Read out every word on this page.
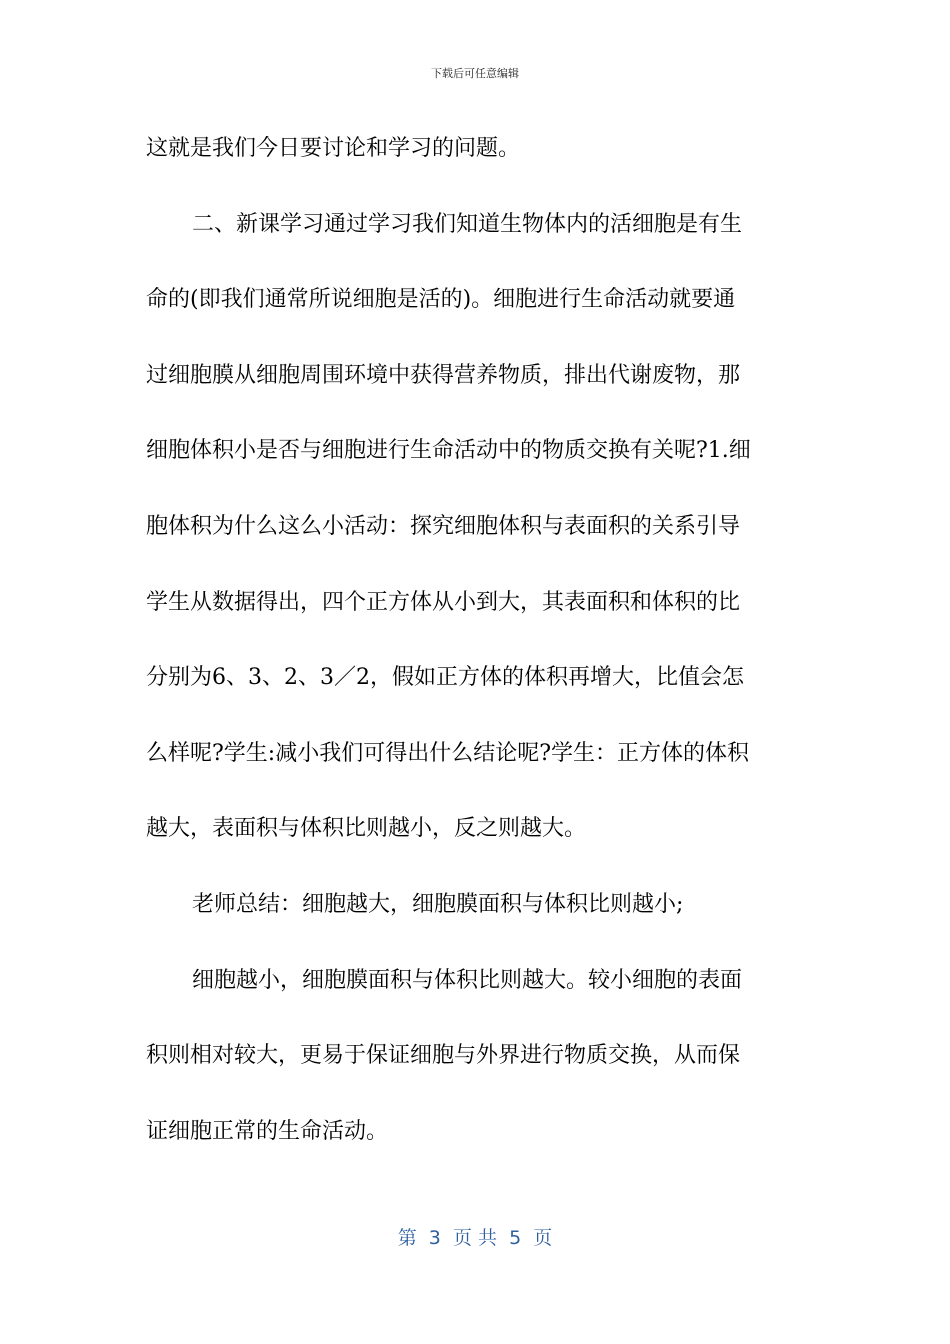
下载后可任意编辑
这就是我们今日要讨论和学习的问题。
二、新课学习通过学习我们知道生物体内的活细胞是有生
命的(即我们通常所说细胞是活的)。细胞进行生命活动就要通
过细胞膜从细胞周围环境中获得营养物质，排出代谢废物，那
细胞体积小是否与细胞进行生命活动中的物质交换有关呢?1.细
胞体积为什么这么小活动：探究细胞体积与表面积的关系引导
学生从数据得出，四个正方体从小到大，其表面积和体积的比
分别为6、3、2、3／2，假如正方体的体积再增大，比值会怎
么样呢?学生:减小我们可得出什么结论呢?学生：正方体的体积
越大，表面积与体积比则越小，反之则越大。
老师总结：细胞越大，细胞膜面积与体积比则越小;
细胞越小，细胞膜面积与体积比则越大。较小细胞的表面
积则相对较大，更易于保证细胞与外界进行物质交换，从而保
证细胞正常的生命活动。
第  3  页 共  5  页
